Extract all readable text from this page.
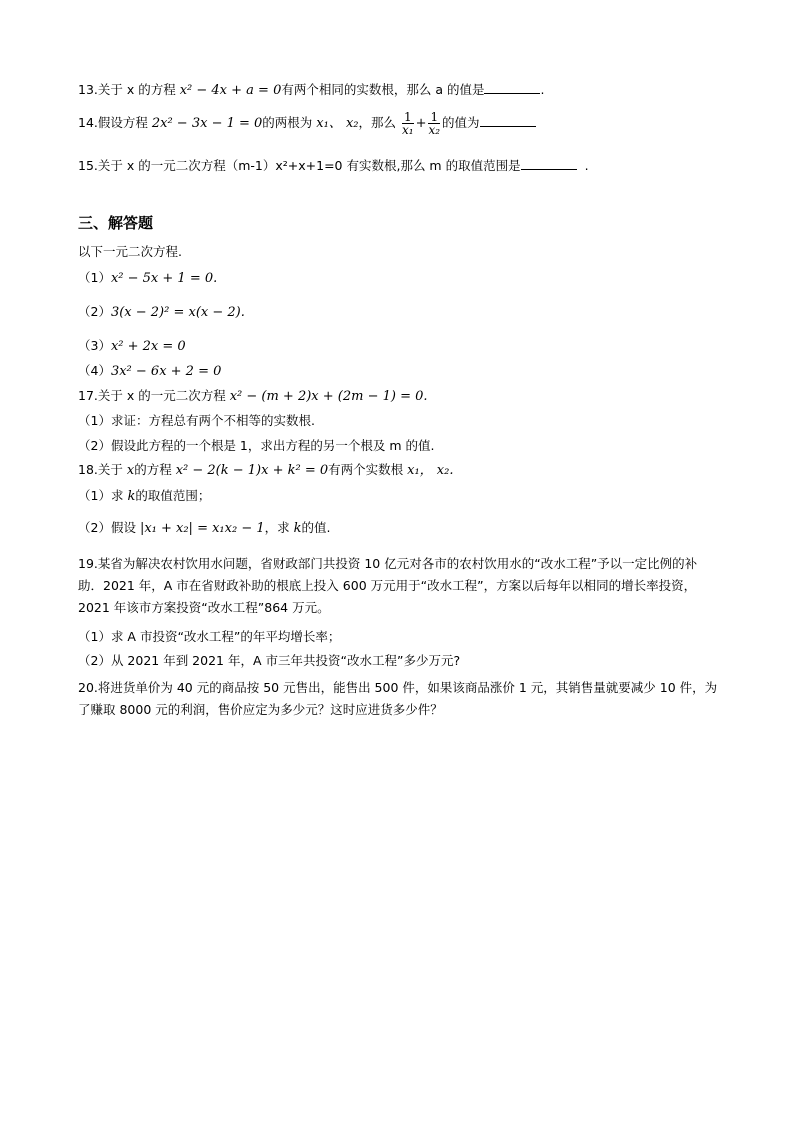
13.关于 x 的方程 x² − 4x + a = 0有两个相同的实数根，那么 a 的值是	.
14.假设方程 2x² − 3x − 1 = 0的两根为 x₁、 x₂，那么 $\frac{1}{\text{x₁}} + \frac{1}{\text{x₂}}$ 的值为
15.关于 x 的一元二次方程（m-1）x²+x+1=0 有实数根,那么 m 的取值范围是	.
三、解答题
以下一元二次方程.
（1）x² − 5x + 1 = 0.
（2）3(x − 2)² = x(x − 2).
（3）x² + 2x = 0
（4）3x² − 6x + 2 = 0
17.关于 x 的一元二次方程 x² − (m + 2)x + (2m − 1) = 0.
（1）求证：方程总有两个不相等的实数根.
（2）假设此方程的一个根是 1，求出方程的另一个根及 m 的值.
18.关于 x的方程 x² − 2(k − 1)x + k² = 0有两个实数根 x₁， x₂.
（1）求 k的取值范围；
（2）假设 |x₁ + x₂| = x₁x₂ − 1，求 k的值.
19.某省为解决农村饮用水问题，省财政部门共投资 10 亿元对各市的农村饮用水的“改水工程”予以一定比例的补助．2021 年，A 市在省财政补助的根底上投入 600 万元用于“改水工程”，方案以后每年以相同的增长率投资，2021 年该市方案投资“改水工程”864 万元。
（1）求 A 市投资“改水工程”的年平均增长率；
（2）从 2021 年到 2021 年，A 市三年共投资“改水工程”多少万元?
20.将进货单价为 40 元的商品按 50 元售出，能售出 500 件，如果该商品涨价 1 元，其销售量就要减少 10 件，为了赚取 8000 元的利润，售价应定为多少元？这时应进货多少件？
